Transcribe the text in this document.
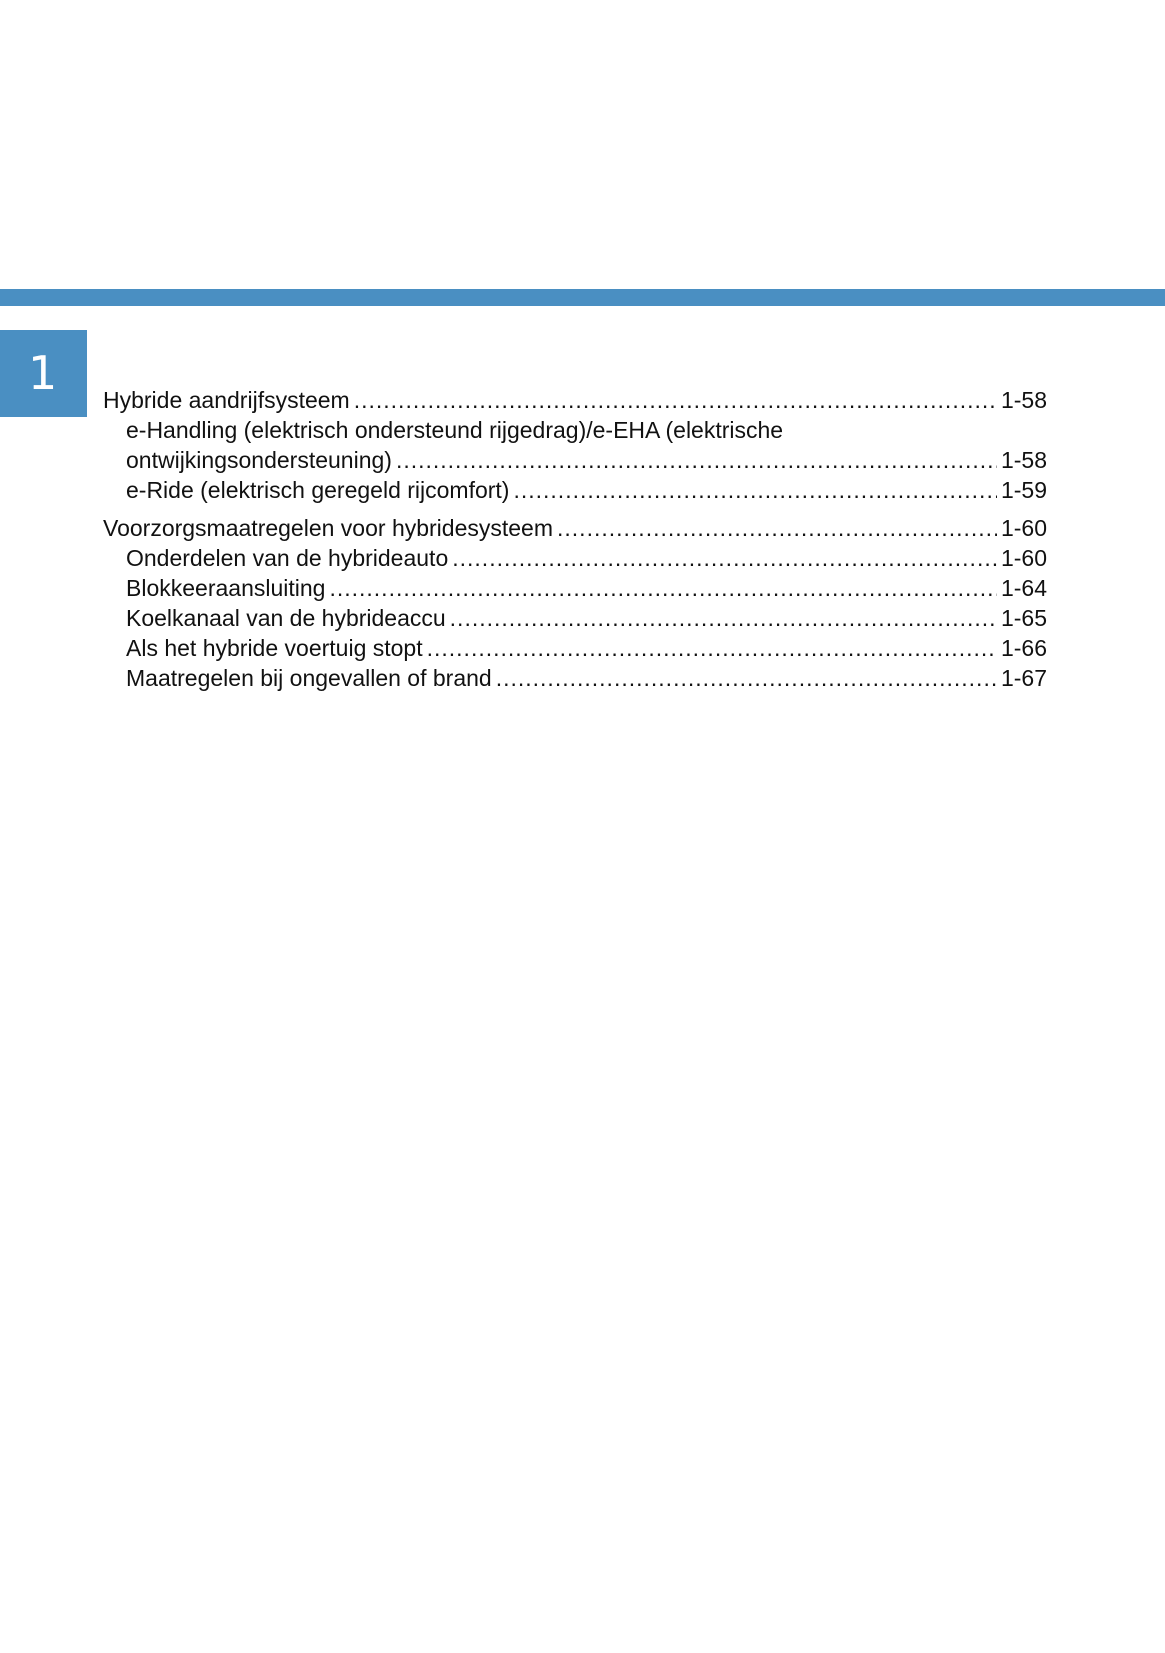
1	Hybride aandrijfsysteem .....	1-58
e-Handling (elektrisch ondersteund rijgedrag)/e-EHA (elektrische
ontwijkingsondersteuning) .....	1-58
e-Ride (elektrisch geregeld rijcomfort) .....	1-59
Voorzorgsmaatregelen voor hybridesysteem .....	1-60
Onderdelen van de hybrideauto .....	1-60
Blokkeeraansluiting .....	1-64
Koelkanaal van de hybrideaccu .....	1-65
Als het hybride voertuig stopt .....	1-66
Maatregelen bij ongevallen of brand .....	1-67
